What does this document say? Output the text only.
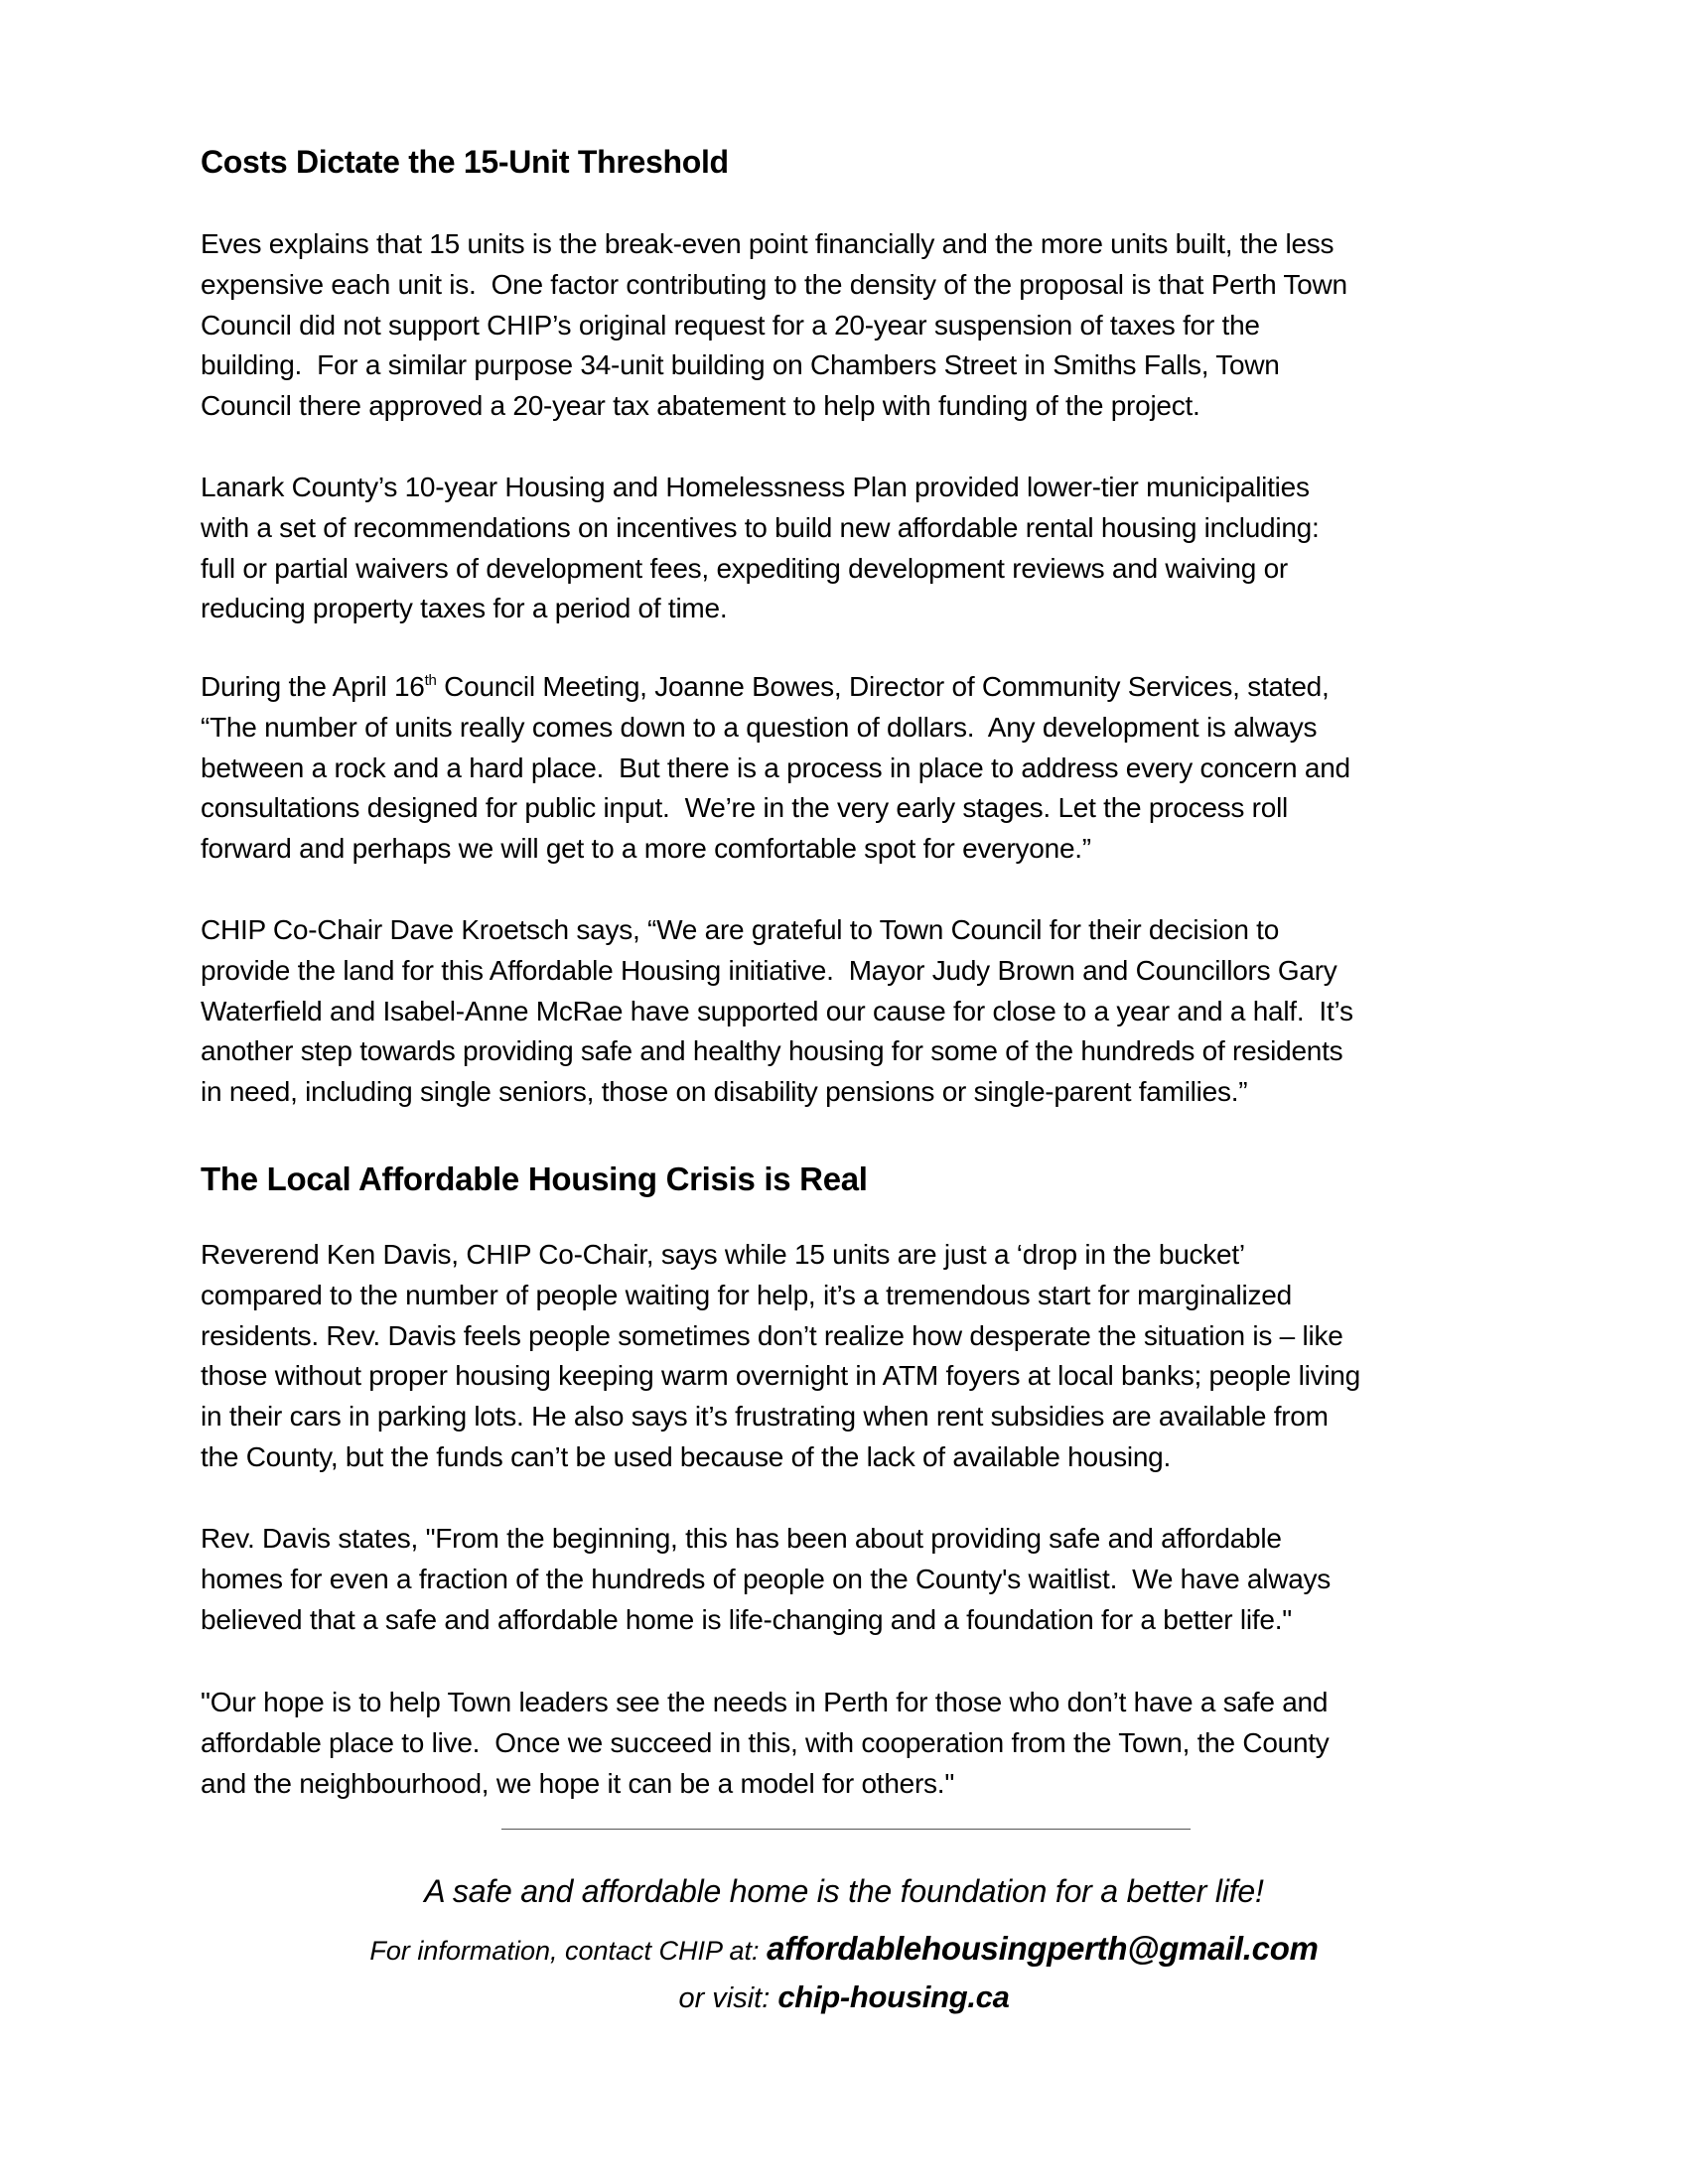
Costs Dictate the 15-Unit Threshold
Eves explains that 15 units is the break-even point financially and the more units built, the less
expensive each unit is.  One factor contributing to the density of the proposal is that Perth Town
Council did not support CHIP’s original request for a 20-year suspension of taxes for the
building.  For a similar purpose 34-unit building on Chambers Street in Smiths Falls, Town
Council there approved a 20-year tax abatement to help with funding of the project.
Lanark County’s 10-year Housing and Homelessness Plan provided lower-tier municipalities
with a set of recommendations on incentives to build new affordable rental housing including:
full or partial waivers of development fees, expediting development reviews and waiving or
reducing property taxes for a period of time.
During the April 16th Council Meeting, Joanne Bowes, Director of Community Services, stated,
“The number of units really comes down to a question of dollars.  Any development is always
between a rock and a hard place.  But there is a process in place to address every concern and
consultations designed for public input.  We’re in the very early stages. Let the process roll
forward and perhaps we will get to a more comfortable spot for everyone.”
CHIP Co-Chair Dave Kroetsch says, “We are grateful to Town Council for their decision to
provide the land for this Affordable Housing initiative.  Mayor Judy Brown and Councillors Gary
Waterfield and Isabel-Anne McRae have supported our cause for close to a year and a half.  It’s
another step towards providing safe and healthy housing for some of the hundreds of residents
in need, including single seniors, those on disability pensions or single-parent families.”
The Local Affordable Housing Crisis is Real
Reverend Ken Davis, CHIP Co-Chair, says while 15 units are just a ‘drop in the bucket’
compared to the number of people waiting for help, it’s a tremendous start for marginalized
residents. Rev. Davis feels people sometimes don’t realize how desperate the situation is – like
those without proper housing keeping warm overnight in ATM foyers at local banks; people living
in their cars in parking lots. He also says it’s frustrating when rent subsidies are available from
the County, but the funds can’t be used because of the lack of available housing.
Rev. Davis states, "From the beginning, this has been about providing safe and affordable
homes for even a fraction of the hundreds of people on the County's waitlist.  We have always
believed that a safe and affordable home is life-changing and a foundation for a better life."
"Our hope is to help Town leaders see the needs in Perth for those who don’t have a safe and
affordable place to live.  Once we succeed in this, with cooperation from the Town, the County
and the neighbourhood, we hope it can be a model for others."
A safe and affordable home is the foundation for a better life!
For information, contact CHIP at: affordablehousingperth@gmail.com
or visit: chip-housing.ca
